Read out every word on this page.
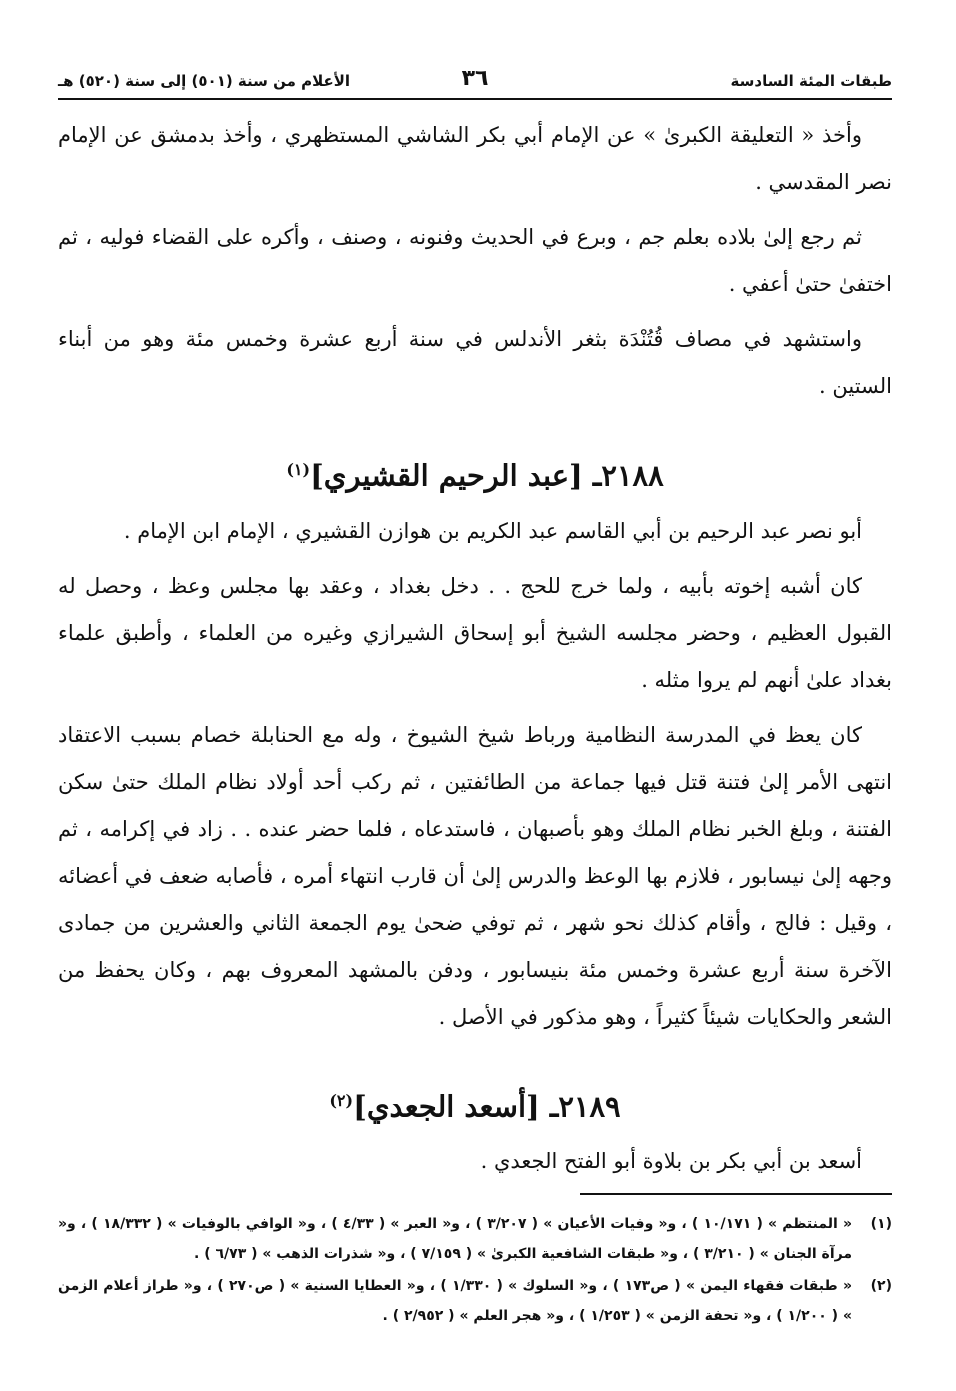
طبقات المئة السادسة
٣٦
الأعلام من سنة (٥٠١) إلى سنة (٥٢٠) هـ

وأخذ « التعليقة الكبرىٰ » عن الإمام أبي بكر الشاشي المستظهري ، وأخذ بدمشق عن الإمام نصر المقدسي .

ثم رجع إلىٰ بلاده بعلم جم ، وبرع في الحديث وفنونه ، وصنف ، وأكره على القضاء فوليه ، ثم اختفىٰ حتىٰ أعفي .

واستشهد في مصاف قُتُنْدَة بثغر الأندلس في سنة أربع عشرة وخمس مئة وهو من أبناء الستين .

٢١٨٨ـ [عبد الرحيم القشيري]$^{(١)}$

أبو نصر عبد الرحيم بن أبي القاسم عبد الكريم بن هوازن القشيري ، الإمام ابن الإمام .

كان أشبه إخوته بأبيه ، ولما خرج للحج . . دخل بغداد ، وعقد بها مجلس وعظ ، وحصل له القبول العظيم ، وحضر مجلسه الشيخ أبو إسحاق الشيرازي وغيره من العلماء ، وأطبق علماء بغداد علىٰ أنهم لم يروا مثله .

كان يعظ في المدرسة النظامية ورباط شيخ الشيوخ ، وله مع الحنابلة خصام بسبب الاعتقاد انتهى الأمر إلىٰ فتنة قتل فيها جماعة من الطائفتين ، ثم ركب أحد أولاد نظام الملك حتىٰ سكن الفتنة ، وبلغ الخبر نظام الملك وهو بأصبهان ، فاستدعاه ، فلما حضر عنده . . زاد في إكرامه ، ثم وجهه إلىٰ نيسابور ، فلازم بها الوعظ والدرس إلىٰ أن قارب انتهاء أمره ، فأصابه ضعف في أعضائه ، وقيل : فالج ، وأقام كذلك نحو شهر ، ثم توفي ضحىٰ يوم الجمعة الثاني والعشرين من جمادى الآخرة سنة أربع عشرة وخمس مئة بنيسابور ، ودفن بالمشهد المعروف بهم ، وكان يحفظ من الشعر والحكايات شيئاً كثيراً ، وهو مذكور في الأصل .

٢١٨٩ـ [أسعد الجعدي]$^{(٢)}$

أسعد بن أبي بكر بن بلاوة أبو الفتح الجعدي .

(١)
« المنتظم » ( ١٠/١٧١ ) ، و« وفيات الأعيان » ( ٣/٢٠٧ ) ، و« العبر » ( ٤/٣٣ ) ، و« الوافي بالوفيات » ( ١٨/٣٣٢ ) ، و« مرآة الجنان » ( ٣/٢١٠ ) ، و« طبقات الشافعية الكبرىٰ » ( ٧/١٥٩ ) ، و« شذرات الذهب » ( ٦/٧٣ ) .
(٢)
« طبقات فقهاء اليمن » ( ص١٧٣ ) ، و« السلوك » ( ١/٣٣٠ ) ، و« العطايا السنية » ( ص٢٧٠ ) ، و« طراز أعلام الزمن » ( ١/٢٠٠ ) ، و« تحفة الزمن » ( ١/٢٥٣ ) ، و« هجر العلم » ( ٢/٩٥٢ ) .
